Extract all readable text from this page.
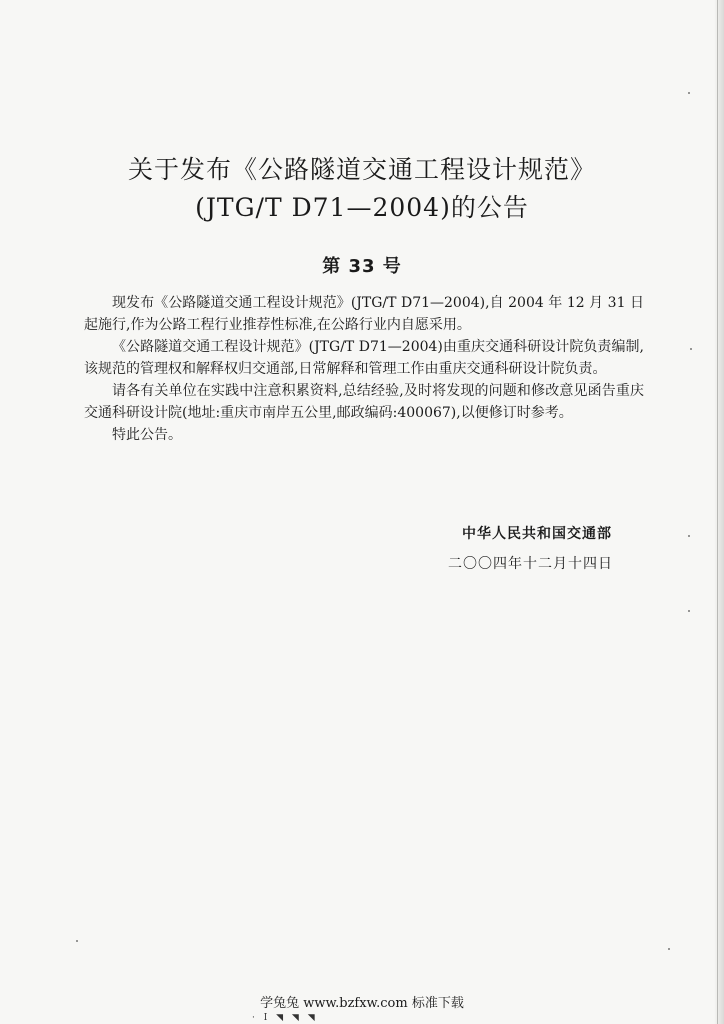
关于发布《公路隧道交通工程设计规范》
(JTG/T D71—2004)的公告
第 33 号

现发布《公路隧道交通工程设计规范》(JTG/T D71—2004),自 2004 年 12 月 31 日起施行,作为公路工程行业推荐性标准,在公路行业内自愿采用。

《公路隧道交通工程设计规范》(JTG/T D71—2004)由重庆交通科研设计院负责编制,该规范的管理权和解释权归交通部,日常解释和管理工作由重庆交通科研设计院负责。

请各有关单位在实践中注意积累资料,总结经验,及时将发现的问题和修改意见函告重庆交通科研设计院(地址:重庆市南岸五公里,邮政编码:400067),以便修订时参考。

特此公告。

中华人民共和国交通部
二〇〇四年十二月十四日
学兔兔 www.bzfxw.com 标准下载
· I ◥ ◥ ◥
